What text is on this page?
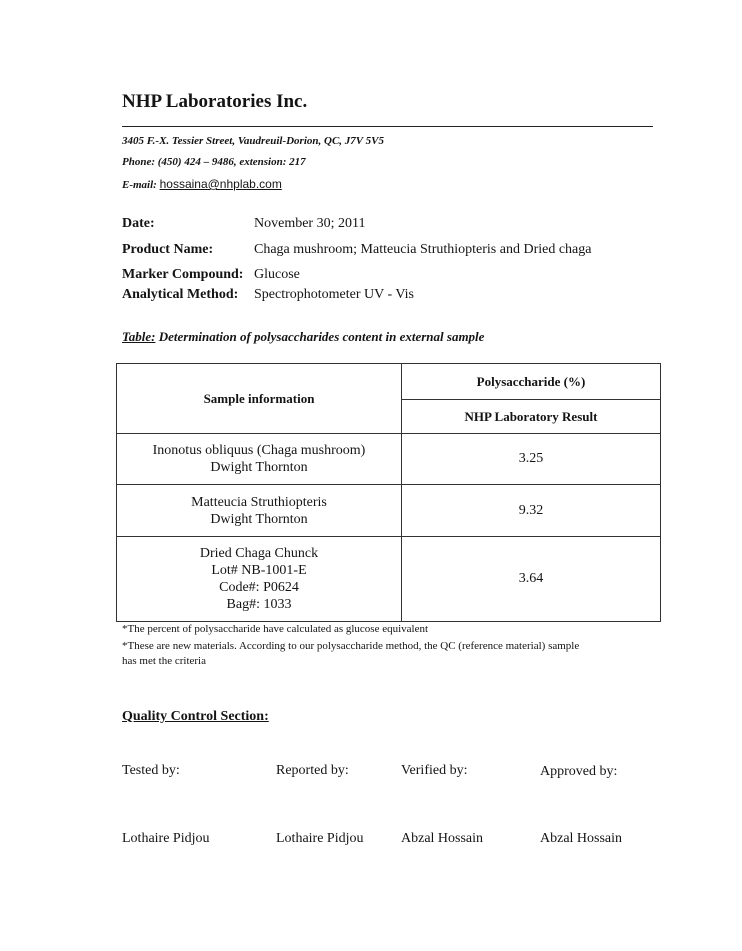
NHP Laboratories Inc.
3405 F.-X. Tessier Street, Vaudreuil-Dorion, QC, J7V 5V5
Phone: (450) 424 – 9486, extension: 217
E-mail: hossaina@nhplab.com
Date:	November 30; 2011
Product Name:	Chaga mushroom; Matteucia Struthiopteris and Dried chaga
Marker Compound: Glucose
Analytical Method: Spectrophotometer UV - Vis
Table: Determination of polysaccharides content in external sample
Sample information	Polysaccharide (%)
	NHP Laboratory Result

Inonotus obliquus (Chaga mushroom)
Dwight Thornton	3.25

Matteucia Struthiopteris
Dwight Thornton	9.32

Dried Chaga Chunck
Lot# NB-1001-E
Code#: P0624
Bag#: 1033	3.64
*The percent of polysaccharide have calculated as glucose equivalent
*These are new materials. According to our polysaccharide method, the QC (reference material) sample
has met the criteria
Quality Control Section:
Tested by:	Reported by:	Verified by:	Approved by:
Lothaire Pidjou	Lothaire Pidjou	Abzal Hossain	Abzal Hossain
